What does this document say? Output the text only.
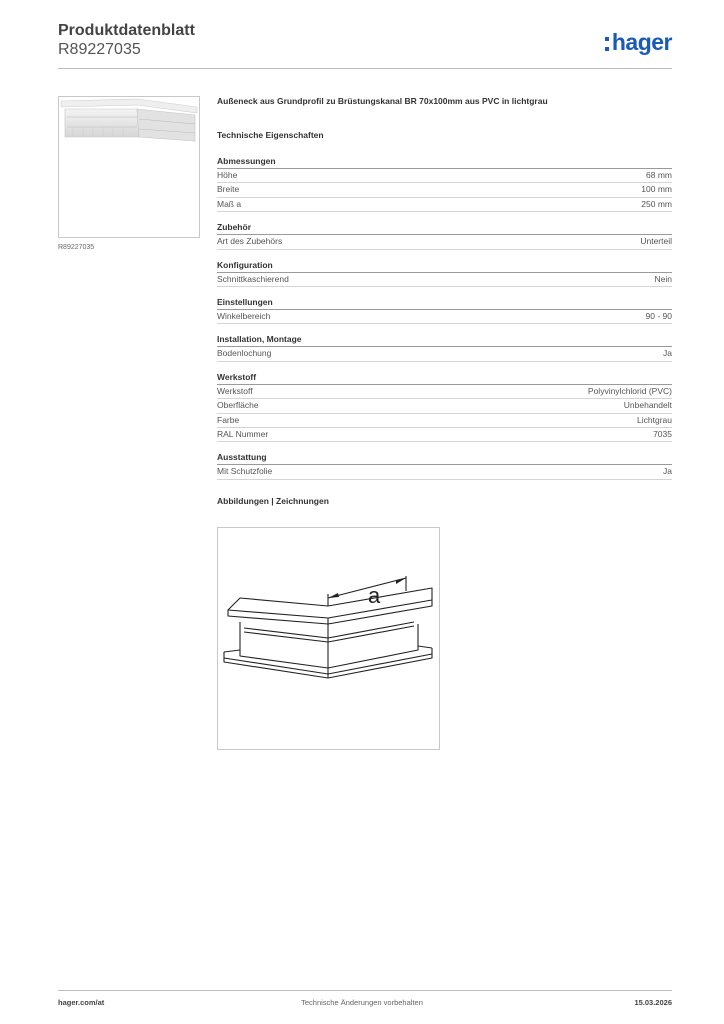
Produktdatenblatt
R89227035	hager
R89227035
Außeneck aus Grundprofil zu Brüstungskanal BR 70x100mm aus PVC in lichtgrau
Technische Eigenschaften
Abmessungen
Höhe	68 mm
Breite	100 mm
Maß a	250 mm
Zubehör
Art des Zubehörs	Unterteil
Konfiguration
Schnittkaschierend	Nein
Einstellungen
Winkelbereich	90 - 90
Installation, Montage
Bodenlochung	Ja
Werkstoff
Werkstoff	Polyvinylchlorid (PVC)
Oberfläche	Unbehandelt
Farbe	Lichtgrau
RAL Nummer	7035
Ausstattung
Mit Schutzfolie	Ja
Abbildungen | Zeichnungen
a
hager.com/at	Technische Änderungen vorbehalten	15.03.2026
